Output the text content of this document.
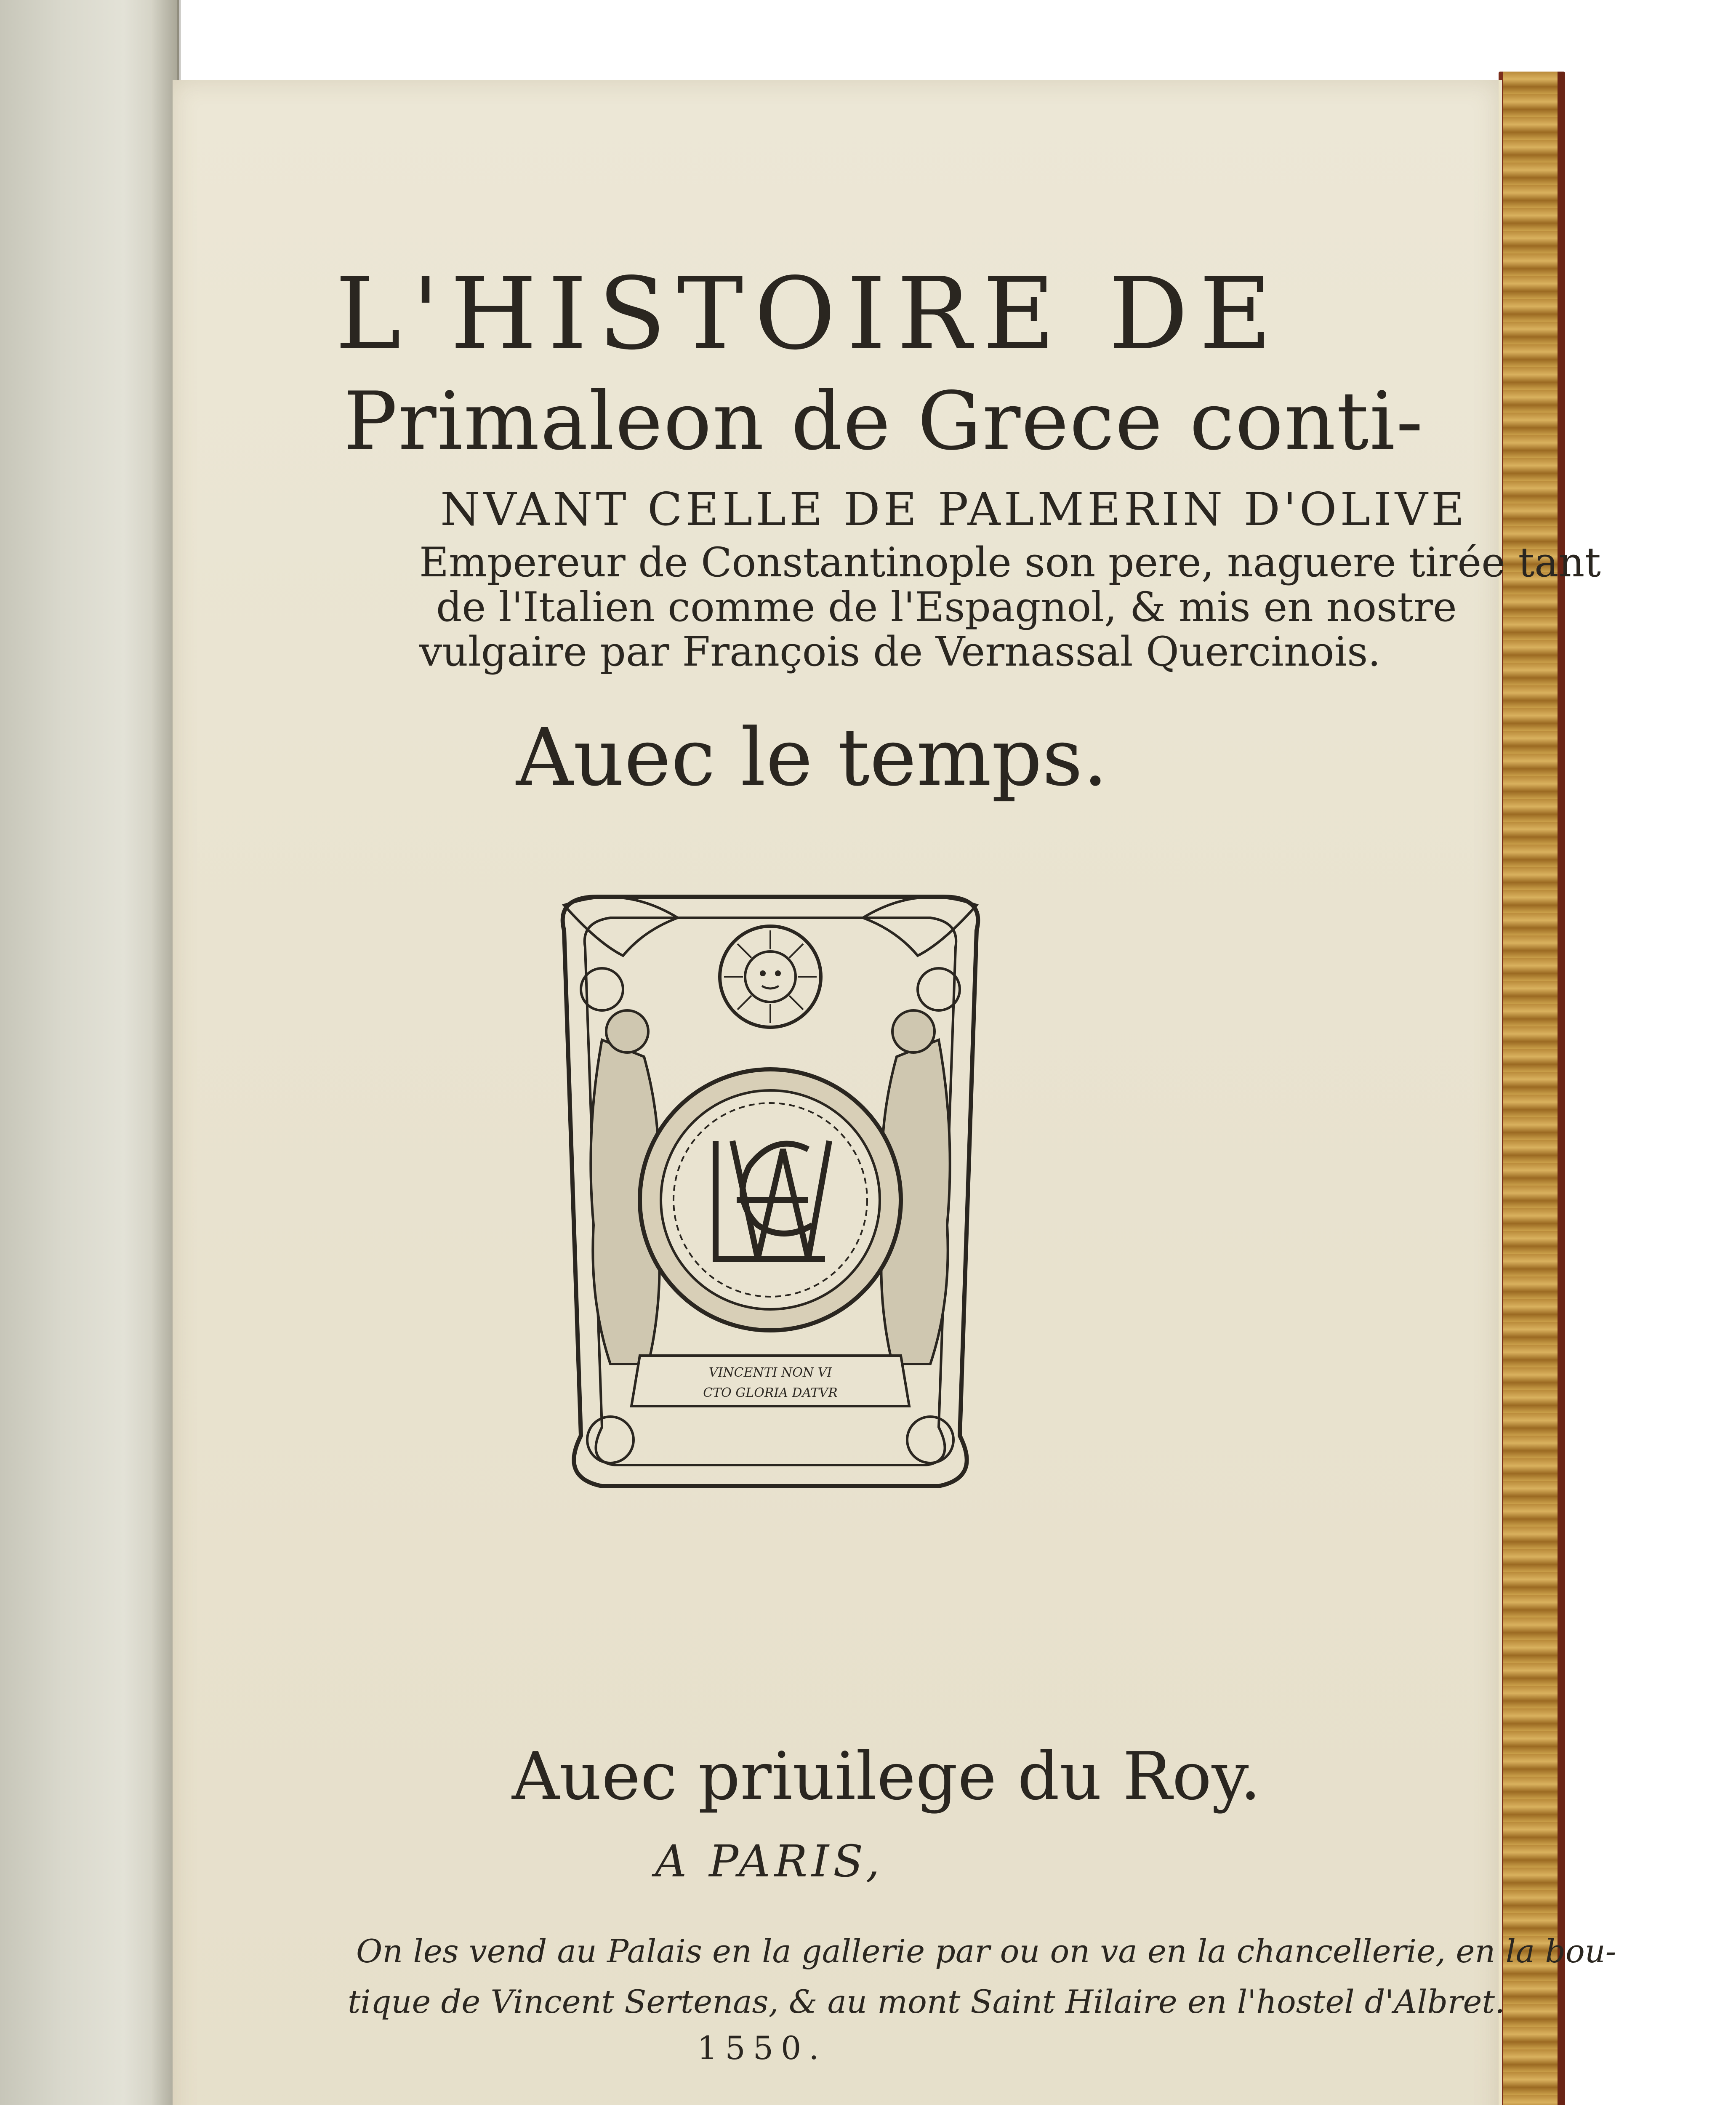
L'HISTOIRE DE
Primaleon de Grece conti-
NVANT CELLE DE PALMERIN D'OLIVE
Empereur de Constantinople son pere, naguere tirée tant
de l'Italien comme de l'Espagnol, & mis en nostre
vulgaire par François de Vernassal Quercinois.
Auec le temps.
VINCENTI NON VI
CTO GLORIA DATVR
Auec priuilege du Roy.
A PARIS,
On les vend au Palais en la gallerie par ou on va en la chancellerie, en la bou-
tique de Vincent Sertenas, & au mont Saint Hilaire en l'hostel d'Albret.
1550.
